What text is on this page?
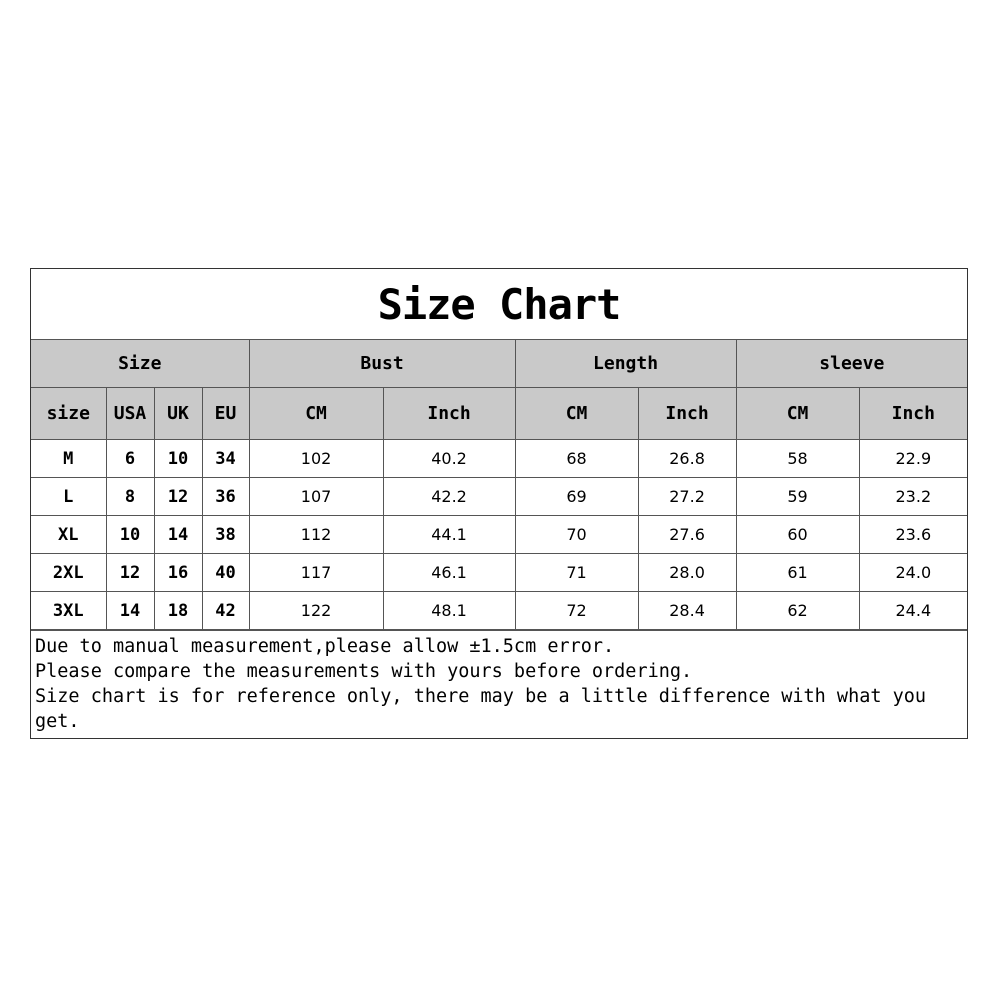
Size Chart
Size				Bust		Length		sleeve	
size	USA	UK	EU	CM	Inch	CM	Inch	CM	Inch
M	6	10	34	102	40.2	68	26.8	58	22.9
L	8	12	36	107	42.2	69	27.2	59	23.2
XL	10	14	38	112	44.1	70	27.6	60	23.6
2XL	12	16	40	117	46.1	71	28.0	61	24.0
3XL	14	18	42	122	48.1	72	28.4	62	24.4
Due to manual measurement,please allow ±1.5cm error.
Please compare the measurements with yours before ordering.
Size chart is for reference only, there may be a little difference with what you get.
